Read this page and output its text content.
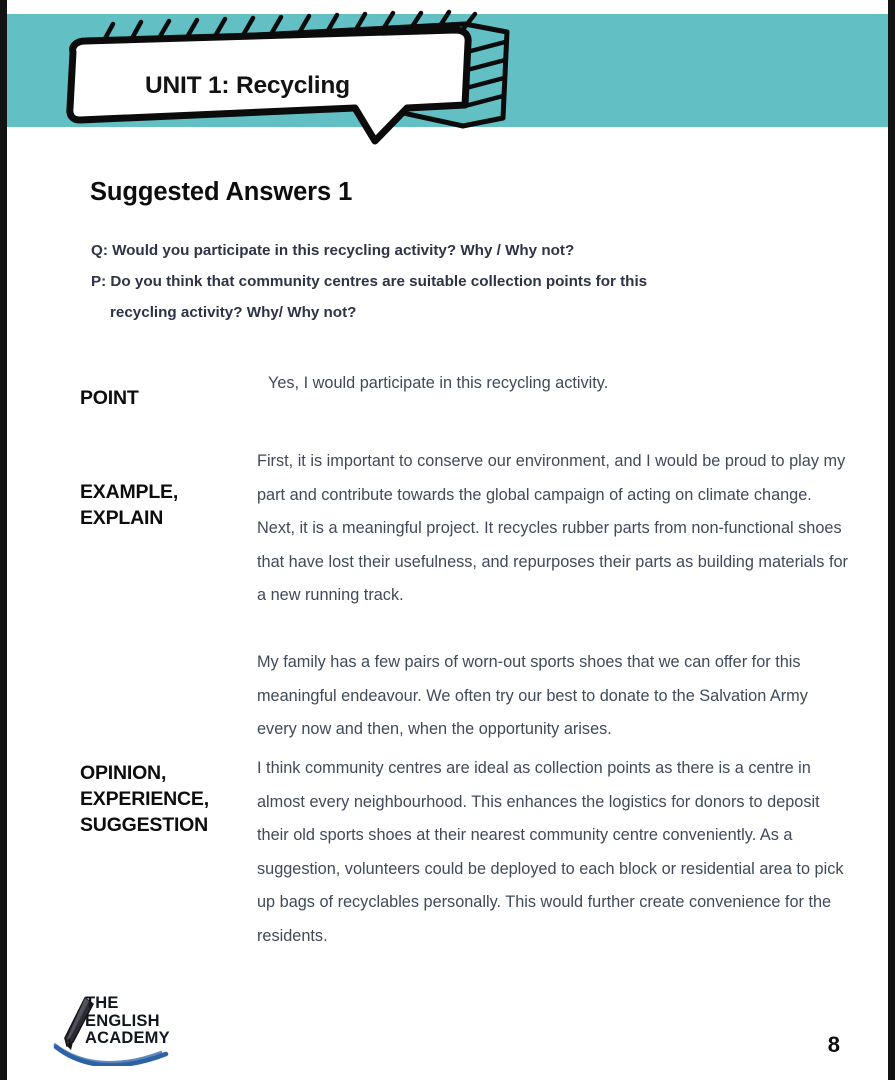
UNIT 1: Recycling
Suggested Answers 1
Q: Would you participate in this recycling activity? Why / Why not?
P: Do you think that community centres are suitable collection points for this
recycling activity? Why/ Why not?
POINT

Yes, I would participate in this recycling activity.

EXAMPLE,
EXPLAIN

First, it is important to conserve our environment, and I would be proud to play my part and contribute towards the global campaign of acting on climate change. Next, it is a meaningful project. It recycles rubber parts from non-functional shoes that have lost their usefulness, and repurposes their parts as building materials for a new running track.

My family has a few pairs of worn-out sports shoes that we can offer for this meaningful endeavour. We often try our best to donate to the Salvation Army every now and then, when the opportunity arises.

OPINION,
EXPERIENCE,
SUGGESTION

I think community centres are ideal as collection points as there is a centre in almost every neighbourhood. This enhances the logistics for donors to deposit their old sports shoes at their nearest community centre conveniently. As a suggestion, volunteers could be deployed to each block or residential area to pick up bags of recyclables personally. This would further create convenience for the residents.

THE
ENGLISH
ACADEMY	8
